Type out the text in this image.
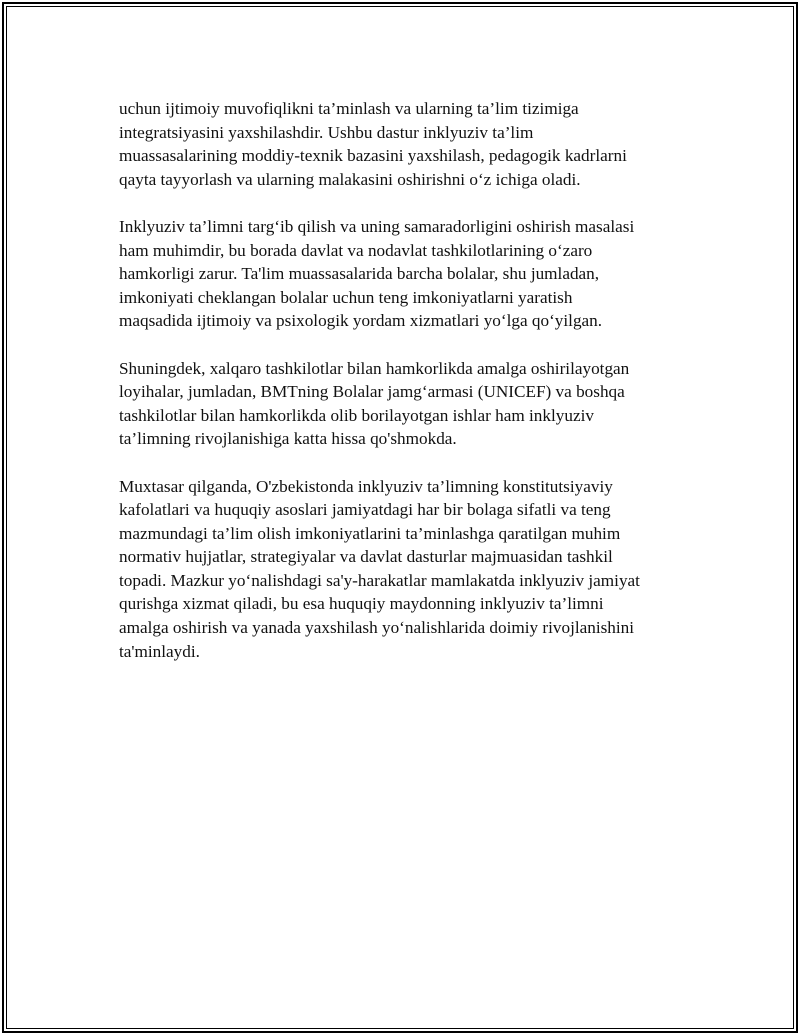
uchun ijtimoiy muvofiqlikni ta’minlash va ularning ta’lim tizimiga
integratsiyasini yaxshilashdir. Ushbu dastur inklyuziv ta’lim
muassasalarining moddiy-texnik bazasini yaxshilash, pedagogik kadrlarni
qayta tayyorlash va ularning malakasini oshirishni o‘z ichiga oladi.

Inklyuziv ta’limni targ‘ib qilish va uning samaradorligini oshirish masalasi
ham muhimdir, bu borada davlat va nodavlat tashkilotlarining o‘zaro
hamkorligi zarur. Ta'lim muassasalarida barcha bolalar, shu jumladan,
imkoniyati cheklangan bolalar uchun teng imkoniyatlarni yaratish
maqsadida ijtimoiy va psixologik yordam xizmatlari yo‘lga qo‘yilgan.

Shuningdek, xalqaro tashkilotlar bilan hamkorlikda amalga oshirilayotgan
loyihalar, jumladan, BMTning Bolalar jamg‘armasi (UNICEF) va boshqa
tashkilotlar bilan hamkorlikda olib borilayotgan ishlar ham inklyuziv
ta’limning rivojlanishiga katta hissa qo'shmokda.

Muxtasar qilganda, O'zbekistonda inklyuziv ta’limning konstitutsiyaviy
kafolatlari va huquqiy asoslari jamiyatdagi har bir bolaga sifatli va teng
mazmundagi ta’lim olish imkoniyatlarini ta’minlashga qaratilgan muhim
normativ hujjatlar, strategiyalar va davlat dasturlar majmuasidan tashkil
topadi. Mazkur yo‘nalishdagi sa'y-harakatlar mamlakatda inklyuziv jamiyat
qurishga xizmat qiladi, bu esa huquqiy maydonning inklyuziv ta’limni
amalga oshirish va yanada yaxshilash yo‘nalishlarida doimiy rivojlanishini
ta'minlaydi.
